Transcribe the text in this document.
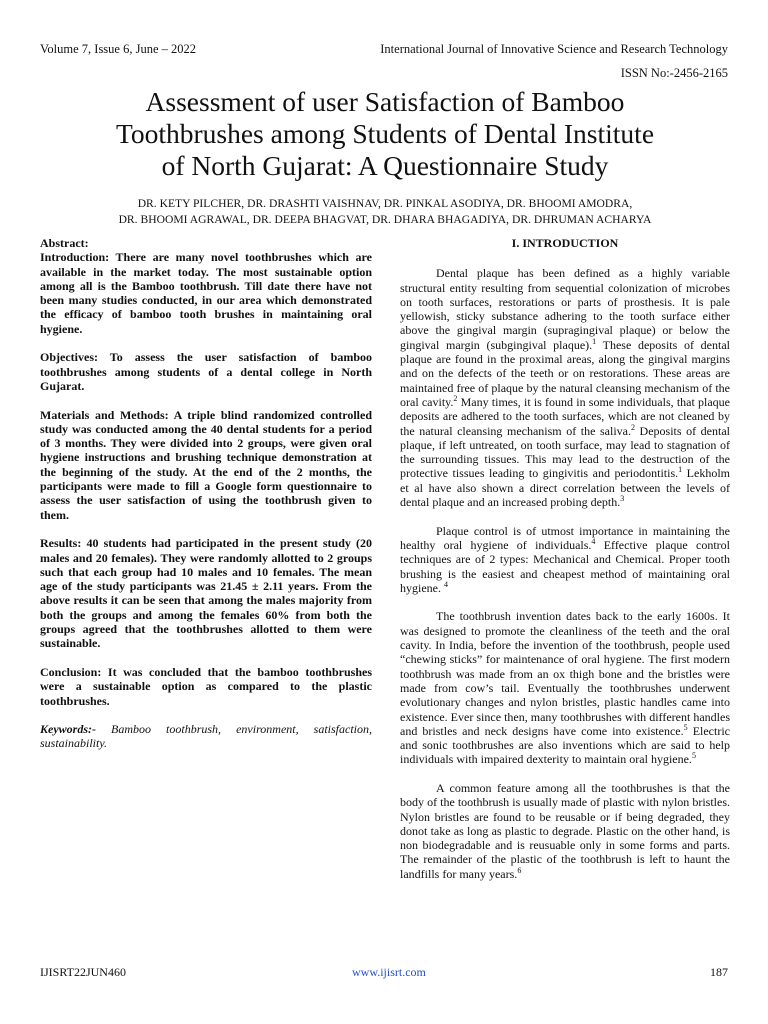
Volume 7, Issue 6, June – 2022	International Journal of Innovative Science and Research Technology
ISSN No:-2456-2165
Assessment of user Satisfaction of Bamboo
Toothbrushes among Students of Dental Institute
of North Gujarat: A Questionnaire Study
DR. KETY PILCHER, DR. DRASHTI VAISHNAV, DR. PINKAL ASODIYA, DR. BHOOMI AMODRA,
DR. BHOOMI AGRAWAL, DR. DEEPA BHAGVAT, DR. DHARA BHAGADIYA, DR. DHRUMAN ACHARYA

Abstract:

Introduction: There are many novel toothbrushes which are available in the market today. The most sustainable option among all is the Bamboo toothbrush. Till date there have not been many studies conducted, in our area which demonstrated the efficacy of bamboo tooth brushes in maintaining oral hygiene.

Objectives: To assess the user satisfaction of bamboo toothbrushes among students of a dental college in North Gujarat.

Materials and Methods: A triple blind randomized controlled study was conducted among the 40 dental students for a period of 3 months. They were divided into 2 groups, were given oral hygiene instructions and brushing technique demonstration at the beginning of the study. At the end of the 2 months, the participants were made to fill a Google form questionnaire to assess the user satisfaction of using the toothbrush given to them.

Results: 40 students had participated in the present study (20 males and 20 females). They were randomly allotted to 2 groups such that each group had 10 males and 10 females. The mean age of the study participants was 21.45 ± 2.11 years. From the above results it can be seen that among the males majority from both the groups and among the females 60% from both the groups agreed that the toothbrushes allotted to them were sustainable.

Conclusion: It was concluded that the bamboo toothbrushes were a sustainable option as compared to the plastic toothbrushes.

Keywords:- Bamboo toothbrush, environment, satisfaction, sustainability.

I. INTRODUCTION

Dental plaque has been defined as a highly variable structural entity resulting from sequential colonization of microbes on tooth surfaces, restorations or parts of prosthesis. It is pale yellowish, sticky substance adhering to the tooth surface either above the gingival margin (supragingival plaque) or below the gingival margin (subgingival plaque).$^1$ These deposits of dental plaque are found in the proximal areas, along the gingival margins and on the defects of the teeth or on restorations. These areas are maintained free of plaque by the natural cleansing mechanism of the oral cavity.$^2$ Many times, it is found in some individuals, that plaque deposits are adhered to the tooth surfaces, which are not cleaned by the natural cleansing mechanism of the saliva.$^2$ Deposits of dental plaque, if left untreated, on tooth surface, may lead to stagnation of the surrounding tissues. This may lead to the destruction of the protective tissues leading to gingivitis and periodontitis.$^1$ Lekholm et al have also shown a direct correlation between the levels of dental plaque and an increased probing depth.$^3$

Plaque control is of utmost importance in maintaining the healthy oral hygiene of individuals.$^4$ Effective plaque control techniques are of 2 types: Mechanical and Chemical. Proper tooth brushing is the easiest and cheapest method of maintaining oral hygiene. $^4$

The toothbrush invention dates back to the early 1600s. It was designed to promote the cleanliness of the teeth and the oral cavity. In India, before the invention of the toothbrush, people used “chewing sticks” for maintenance of oral hygiene. The first modern toothbrush was made from an ox thigh bone and the bristles were made from cow’s tail. Eventually the toothbrushes underwent evolutionary changes and nylon bristles, plastic handles came into existence. Ever since then, many toothbrushes with different handles and bristles and neck designs have come into existence.$^5$ Electric and sonic toothbrushes are also inventions which are said to help individuals with impaired dexterity to maintain oral hygiene.$^5$

A common feature among all the toothbrushes is that the body of the toothbrush is usually made of plastic with nylon bristles. Nylon bristles are found to be reusable or if being degraded, they donot take as long as plastic to degrade. Plastic on the other hand, is non biodegradable and is reusuable only in some forms and parts. The remainder of the plastic of the toothbrush is left to haunt the landfills for many years.$^6$

IJISRT22JUN460	www.ijisrt.com	187
